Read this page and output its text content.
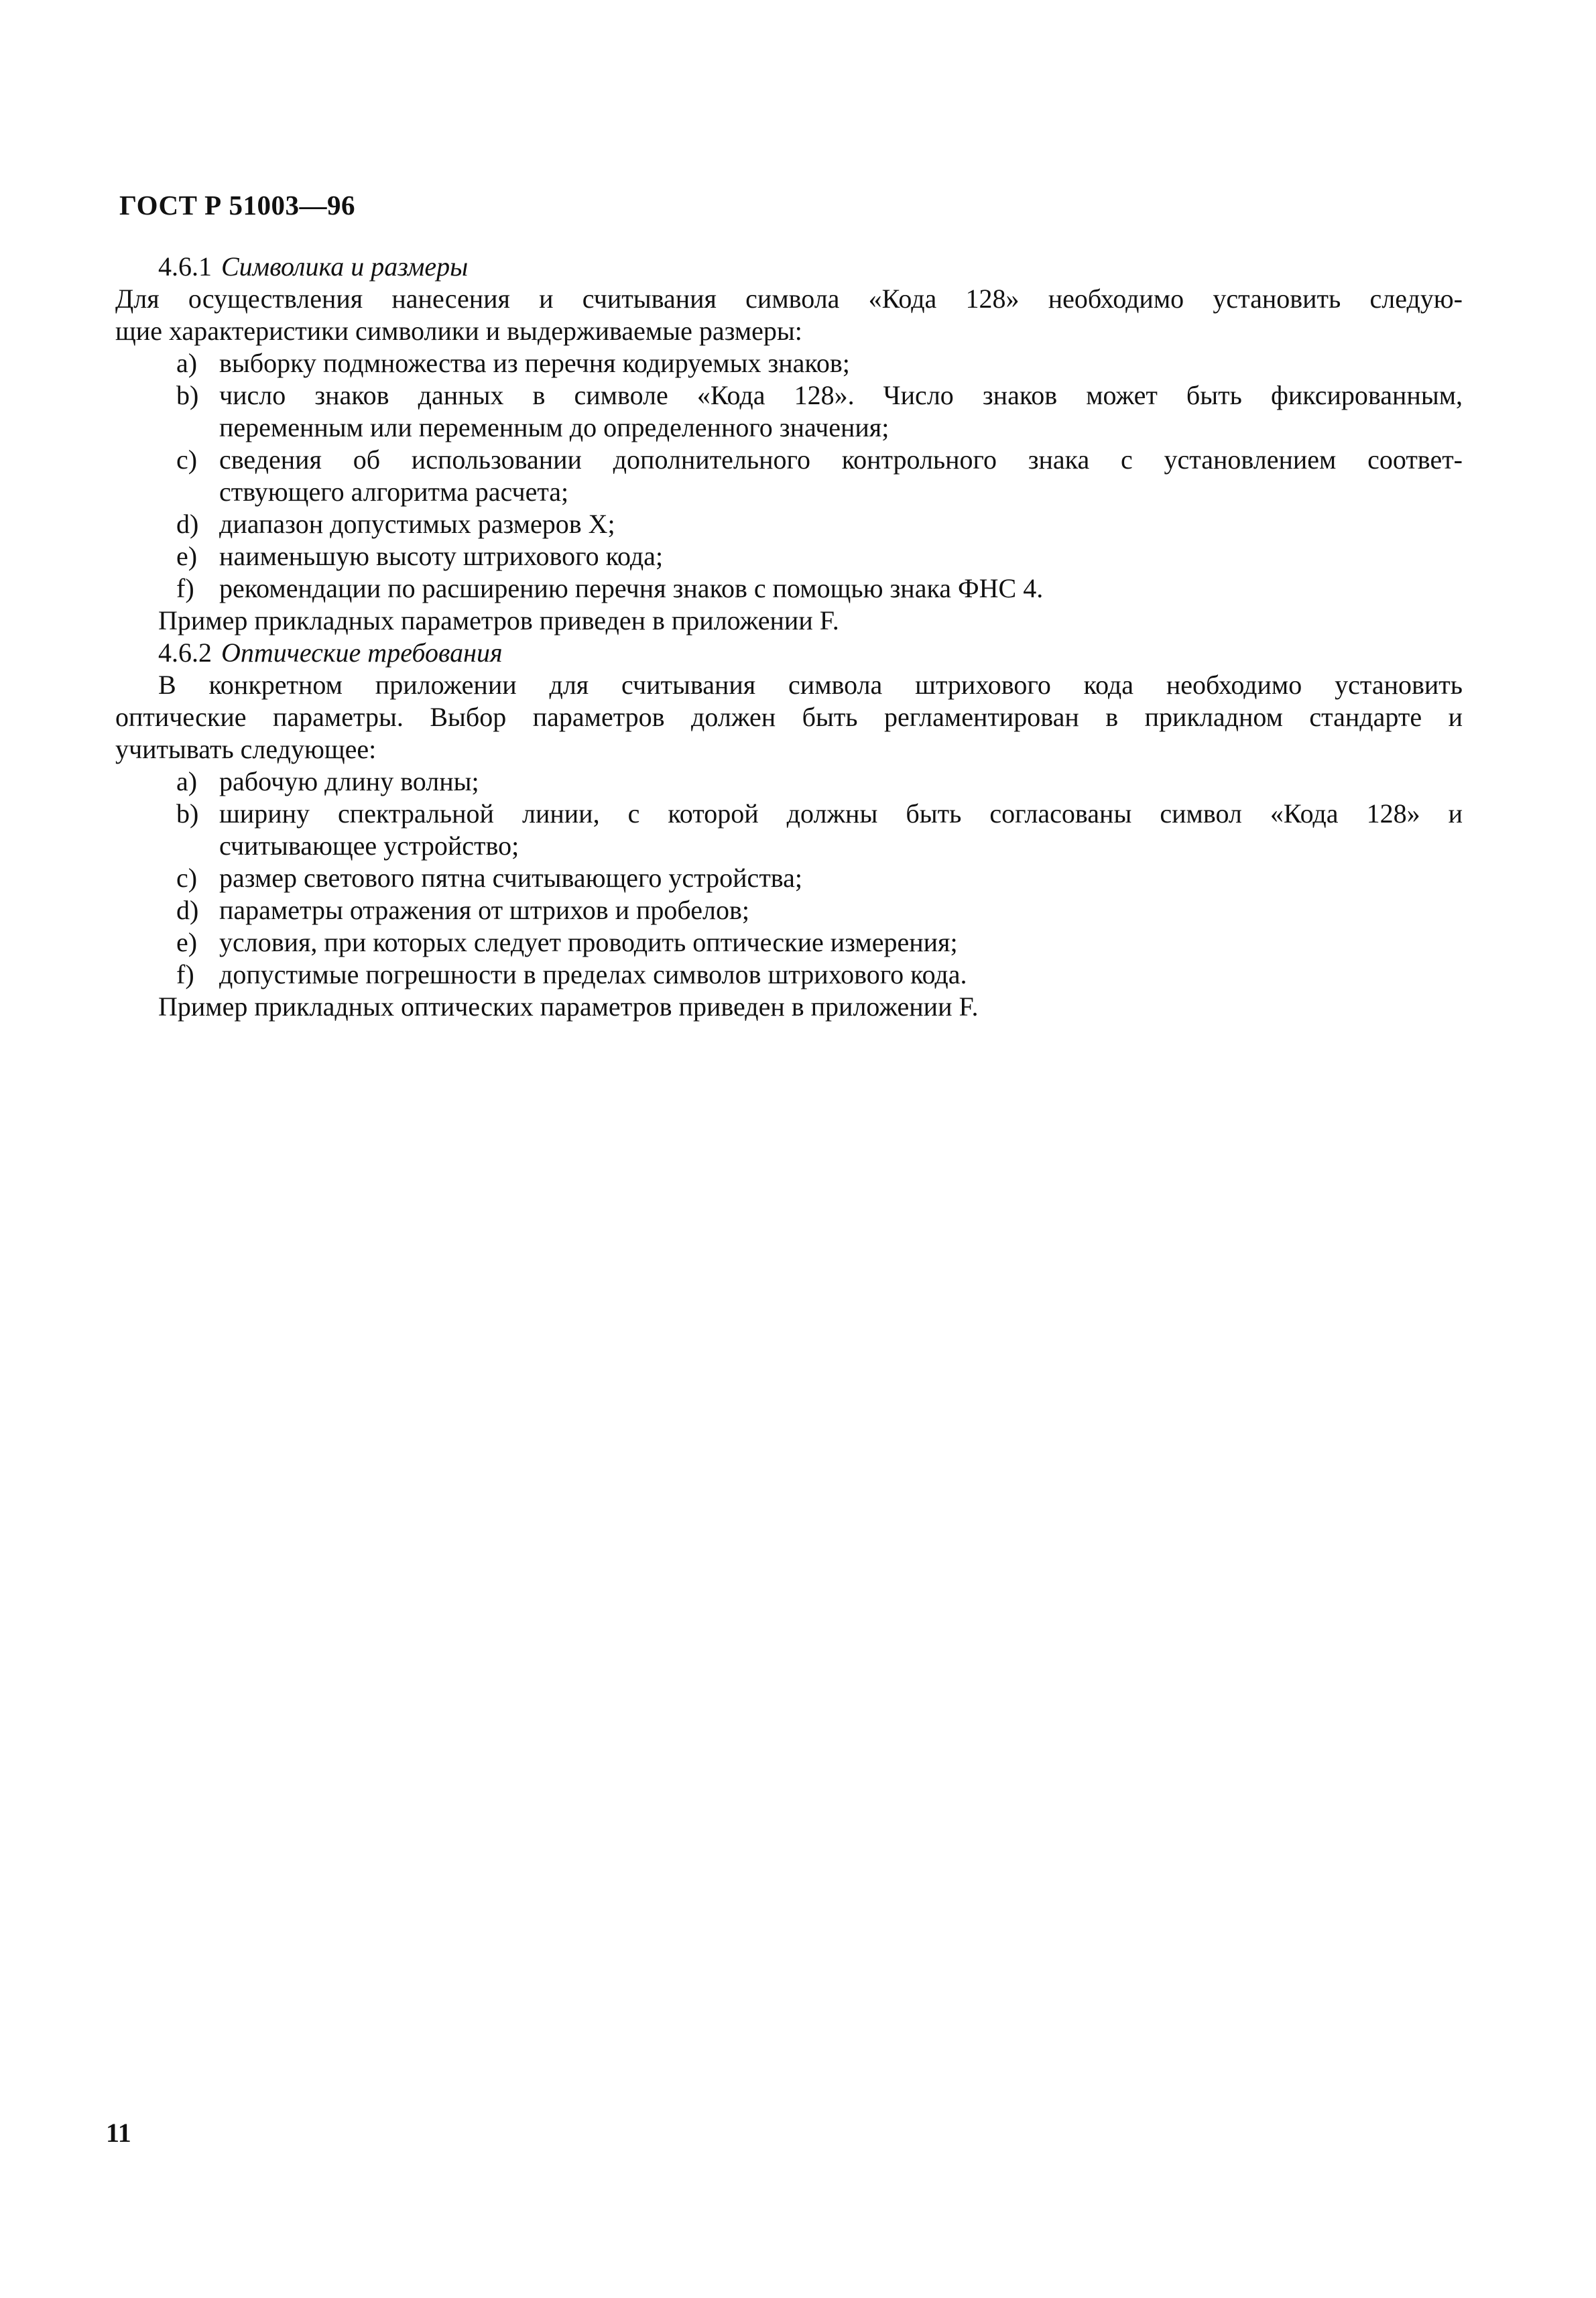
ГОСТ Р 51003—96
4.6.1 Символика и размеры
Для осуществления нанесения и считывания символа «Кода 128» необходимо установить следую-
щие характеристики символики и выдерживаемые размеры:
a) выборку подмножества из перечня кодируемых знаков;
b) число знаков данных в символе «Кода 128». Число знаков может быть фиксированным,
переменным или переменным до определенного значения;
c) сведения об использовании дополнительного контрольного знака с установлением соответ-
ствующего алгоритма расчета;
d) диапазон допустимых размеров X;
e) наименьшую высоту штрихового кода;
f) рекомендации по расширению перечня знаков с помощью знака ФНС 4.
Пример прикладных параметров приведен в приложении F.
4.6.2 Оптические требования
В конкретном приложении для считывания символа штрихового кода необходимо установить
оптические параметры. Выбор параметров должен быть регламентирован в прикладном стандарте и
учитывать следующее:
a) рабочую длину волны;
b) ширину спектральной линии, с которой должны быть согласованы символ «Кода 128» и
считывающее устройство;
c) размер светового пятна считывающего устройства;
d) параметры отражения от штрихов и пробелов;
e) условия, при которых следует проводить оптические измерения;
f) допустимые погрешности в пределах символов штрихового кода.
Пример прикладных оптических параметров приведен в приложении F.
11
